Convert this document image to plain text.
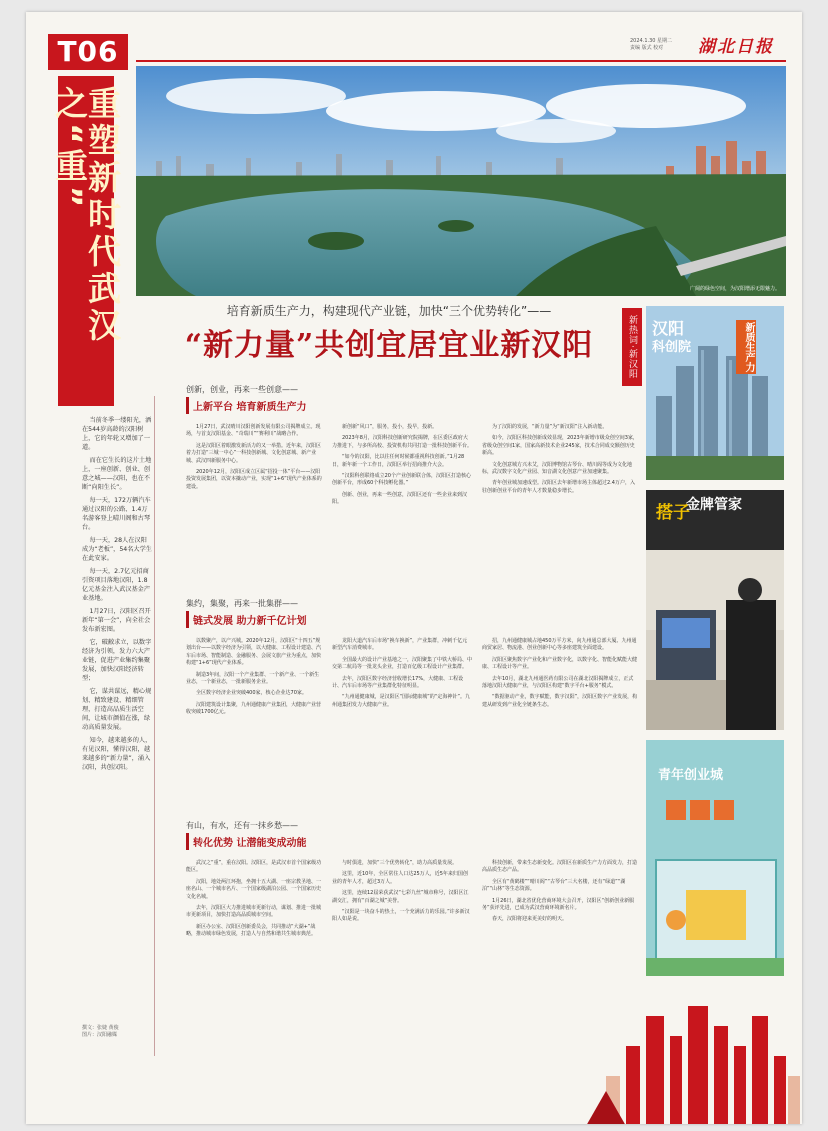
T06
重塑新时代武汉之“重”
2024.1.30 星期二
责编 版式 校对	湖北日报
广阔的绿色空间，为汉阳增添无限魅力。
培育新质生产力，构建现代产业链，加快“三个优势转化”——
“新力量”共创宜居宜业新汉阳	新热词·新汉阳
创新，创业，再来一些创意——
上新平台 培育新质生产力
集约，集聚，再来一批集群——
链式发展 助力新千亿计划
有山，有水，还有一抹乡愁——
转化优势 让潜能变成动能
当前冬季一缕阳光，洒在544岁高龄的汉阳树上，它的年轮又增加了一道。
而在它生长的这片土地上，一座创新、创业、创意之城——汉阳，也在不断“向阳生长”。
每一天，172万辆汽车通过汉阳的公路、1.4万名游客登上晴川阁和古琴台。
每一天，28人在汉阳成为“老板”，54名大学生在此安家。
每一天，2.7亿元招商引资项目落地汉阳，1.8亿元基金注入武汉基金产业基地。
1月27日，汉阳区召开新年“第一会”，向全社会发布新宏图。
它，破敝求立，以数字经济为引领，发力六大产业链，促进产业集约集聚发展，加快汉阳经济转型；
它，谋共谋远，精心规划、精致建设、精细管理，打造高品质生活空间，让城市颜值在涨，绿动高质量发展。
知今，越来越多的人，有见汉阳，懂得汉阳，越来越多的“新力量”，涌入汉阳，共创汉阳。
1月27日，武汉晴川汉阳创新发展有限公司揭牌成立。现场，与首支汉阳基金、“奇瑞川”“赛利川”战略合作。
这是汉阳区着眼激发新活力的又一举措。近年来，汉阳区着力打造“三城一中心”一科技创新城、文化创意城、新产业城、武汉四新服务中心。
2020年12月，汉阳区成立区属“招投一体”平台——汉阳投资发展集团，以资本撬动产业，实现“1+6”现代产业体系的建设。
新创新“风口”，服务，投小，投早，投新。
2023年8月，汉阳科技创新研究院揭牌，在区委区政府大力推进下，与多所高校、投资机构共同打造一批科技创新平台。
“如今的汉阳，比以往任何时候都重视科技创新。”1月28日，新年新一个工作日，汉阳区举行招商推介大会。
“汉阳科创联络成立20个产业创新联合体，汉阳区打造核心创新平台，形成60个科技孵化器。”
创新、创业，再来一些创意，汉阳区还有一些企业来到汉阳。
为了汉阳的发展，“新力量”为“新汉阳”注入新动能。
如今，汉阳区科技创新成效显现，2023年新增市级众创空间3家，省级众创空间1家，国家高新技术企业245家，技术合同成交额创历史新高。
文化创意城方兴未艾，汉阳博物馆古琴台、晴川阁等成为文化地标，武汉数字文化产业园、知音湖文化创意产业加速聚集。
青年创业城加速成型。汉阳区去年新增市场主体超过2.4万户，入驻创新创业平台的青年人才数量稳步增长。
以数聚产，以产兴城。2020年12月，汉阳区“十四五”规划出台——以数字经济为引领，以大健康、工程设计建造、汽车后市场、智能制造、金融服务、会展文旅产业为重点，加快构建“1+6”现代产业体系。
制造3年间，汉阳一个产业集群、一个新产业、一个新生业态，一个新业态，一批新服务企业。
全区数字经济企业突破400家，核心企业达70家。
汉阳建筑设计集聚，九州通健康产业集团，大健康产业营收突破1700亿元。
龙阳大道汽车后市场“换车换新”，产业集群，冲刺千亿元新型汽车消费城市。
全国最大的设计产业基地之一，汉阳聚集了中铁大桥局、中交第二航局等一批龙头企业，打造百亿级工程设计产业集群。
去年，汉阳区数字经济营收增长17%，大健康、工程设计、汽车后市场等产业集群化特征明显。
“九州通健康城，是汉阳区“国际健康城”的“定海神针”。九州通集团发力大健康产业。
招，九州通健康城占地450万平方米，向九州通总部大厦、九州通商贸家居、物流港、创业创新中心等多座建筑全面建设。
汉阳区聚焦数字产业化和产业数字化，以数字化、智能化赋能大健康、工程设计等产业。
去年10月，湖北九州通医药有限公司在湖北汉阳揭牌成立，正式落地汉阳大健康产业，与汉阳区构建“数字平台+服务”模式。
“数据驱动产业，数字赋能，数字汉阳”，汉阳区数字产业发展，构建从研发到产业化全链条生态。
武汉之“重”，重在汉阳。汉阳区，是武汉市首个国家级功能区。
汉阳，地处两江环抱，坐拥十五大湖、一座宗教圣地、一座名山、一个城市名片、一个国家级湖泊公园、一个国家历史文化名城。
去年，汉阳区大力推进城市更新行动，谋划、推进一批城市更新项目，加快打造高品质城市空间。
新区办公室、汉阳区创新委员会，共同推动“大湖+”战略，推动城市绿色发展，打造人与自然和谐共生城市典范。
与时俱进，加快“三个优势转化”，助力高质量发展。
这里，近10年，全区常住人口达25万人，近5年来归国创业的青年人才，超过3万人。
这里，连续12届荣获武汉“七彩九丝”城市称号，汉阳区江湖交汇，拥有“百湖之城”美誉。
“汉阳是一块奋斗的热土，一个充满活力的乐园。”许多新汉阳人如是说。
科技创新，带来生态新变化。汉阳区在新质生产力方面发力，打造高品质生态产品。
全区有“黄鹤楼”“晴川阁”“古琴台”三大名楼，还有“绿道”“湖泊”“山林”等生态资源。
1月26日，湖北省优化营商环境大会召开，汉阳区“创新创业新服务”获评先进，已成为武汉营商环境新名片。
春天，汉阳将迎来更美好的明天。
撰文：张婕 黄俊
图片：汉阳融媒
汉阳
科创院	新质生产力
搭子
金牌管家
青年创业城
